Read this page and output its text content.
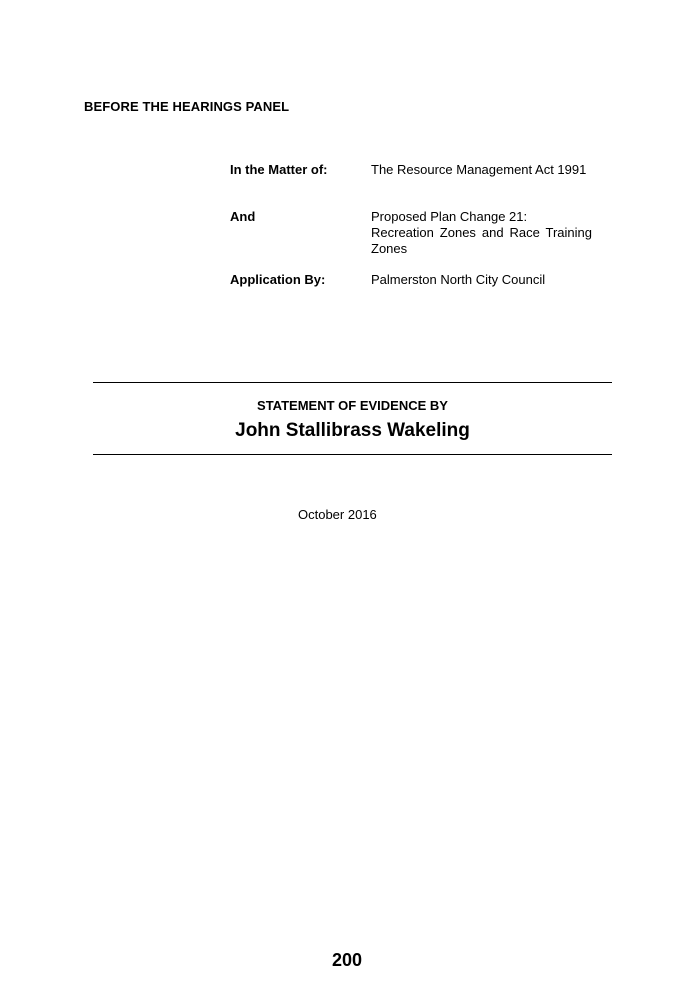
BEFORE THE HEARINGS PANEL
In the Matter of:	The Resource Management Act 1991
And	Proposed Plan Change 21:
Recreation Zones and Race Training
Zones
Application By:	Palmerston North City Council
STATEMENT OF EVIDENCE BY
John Stallibrass Wakeling
October 2016
200
